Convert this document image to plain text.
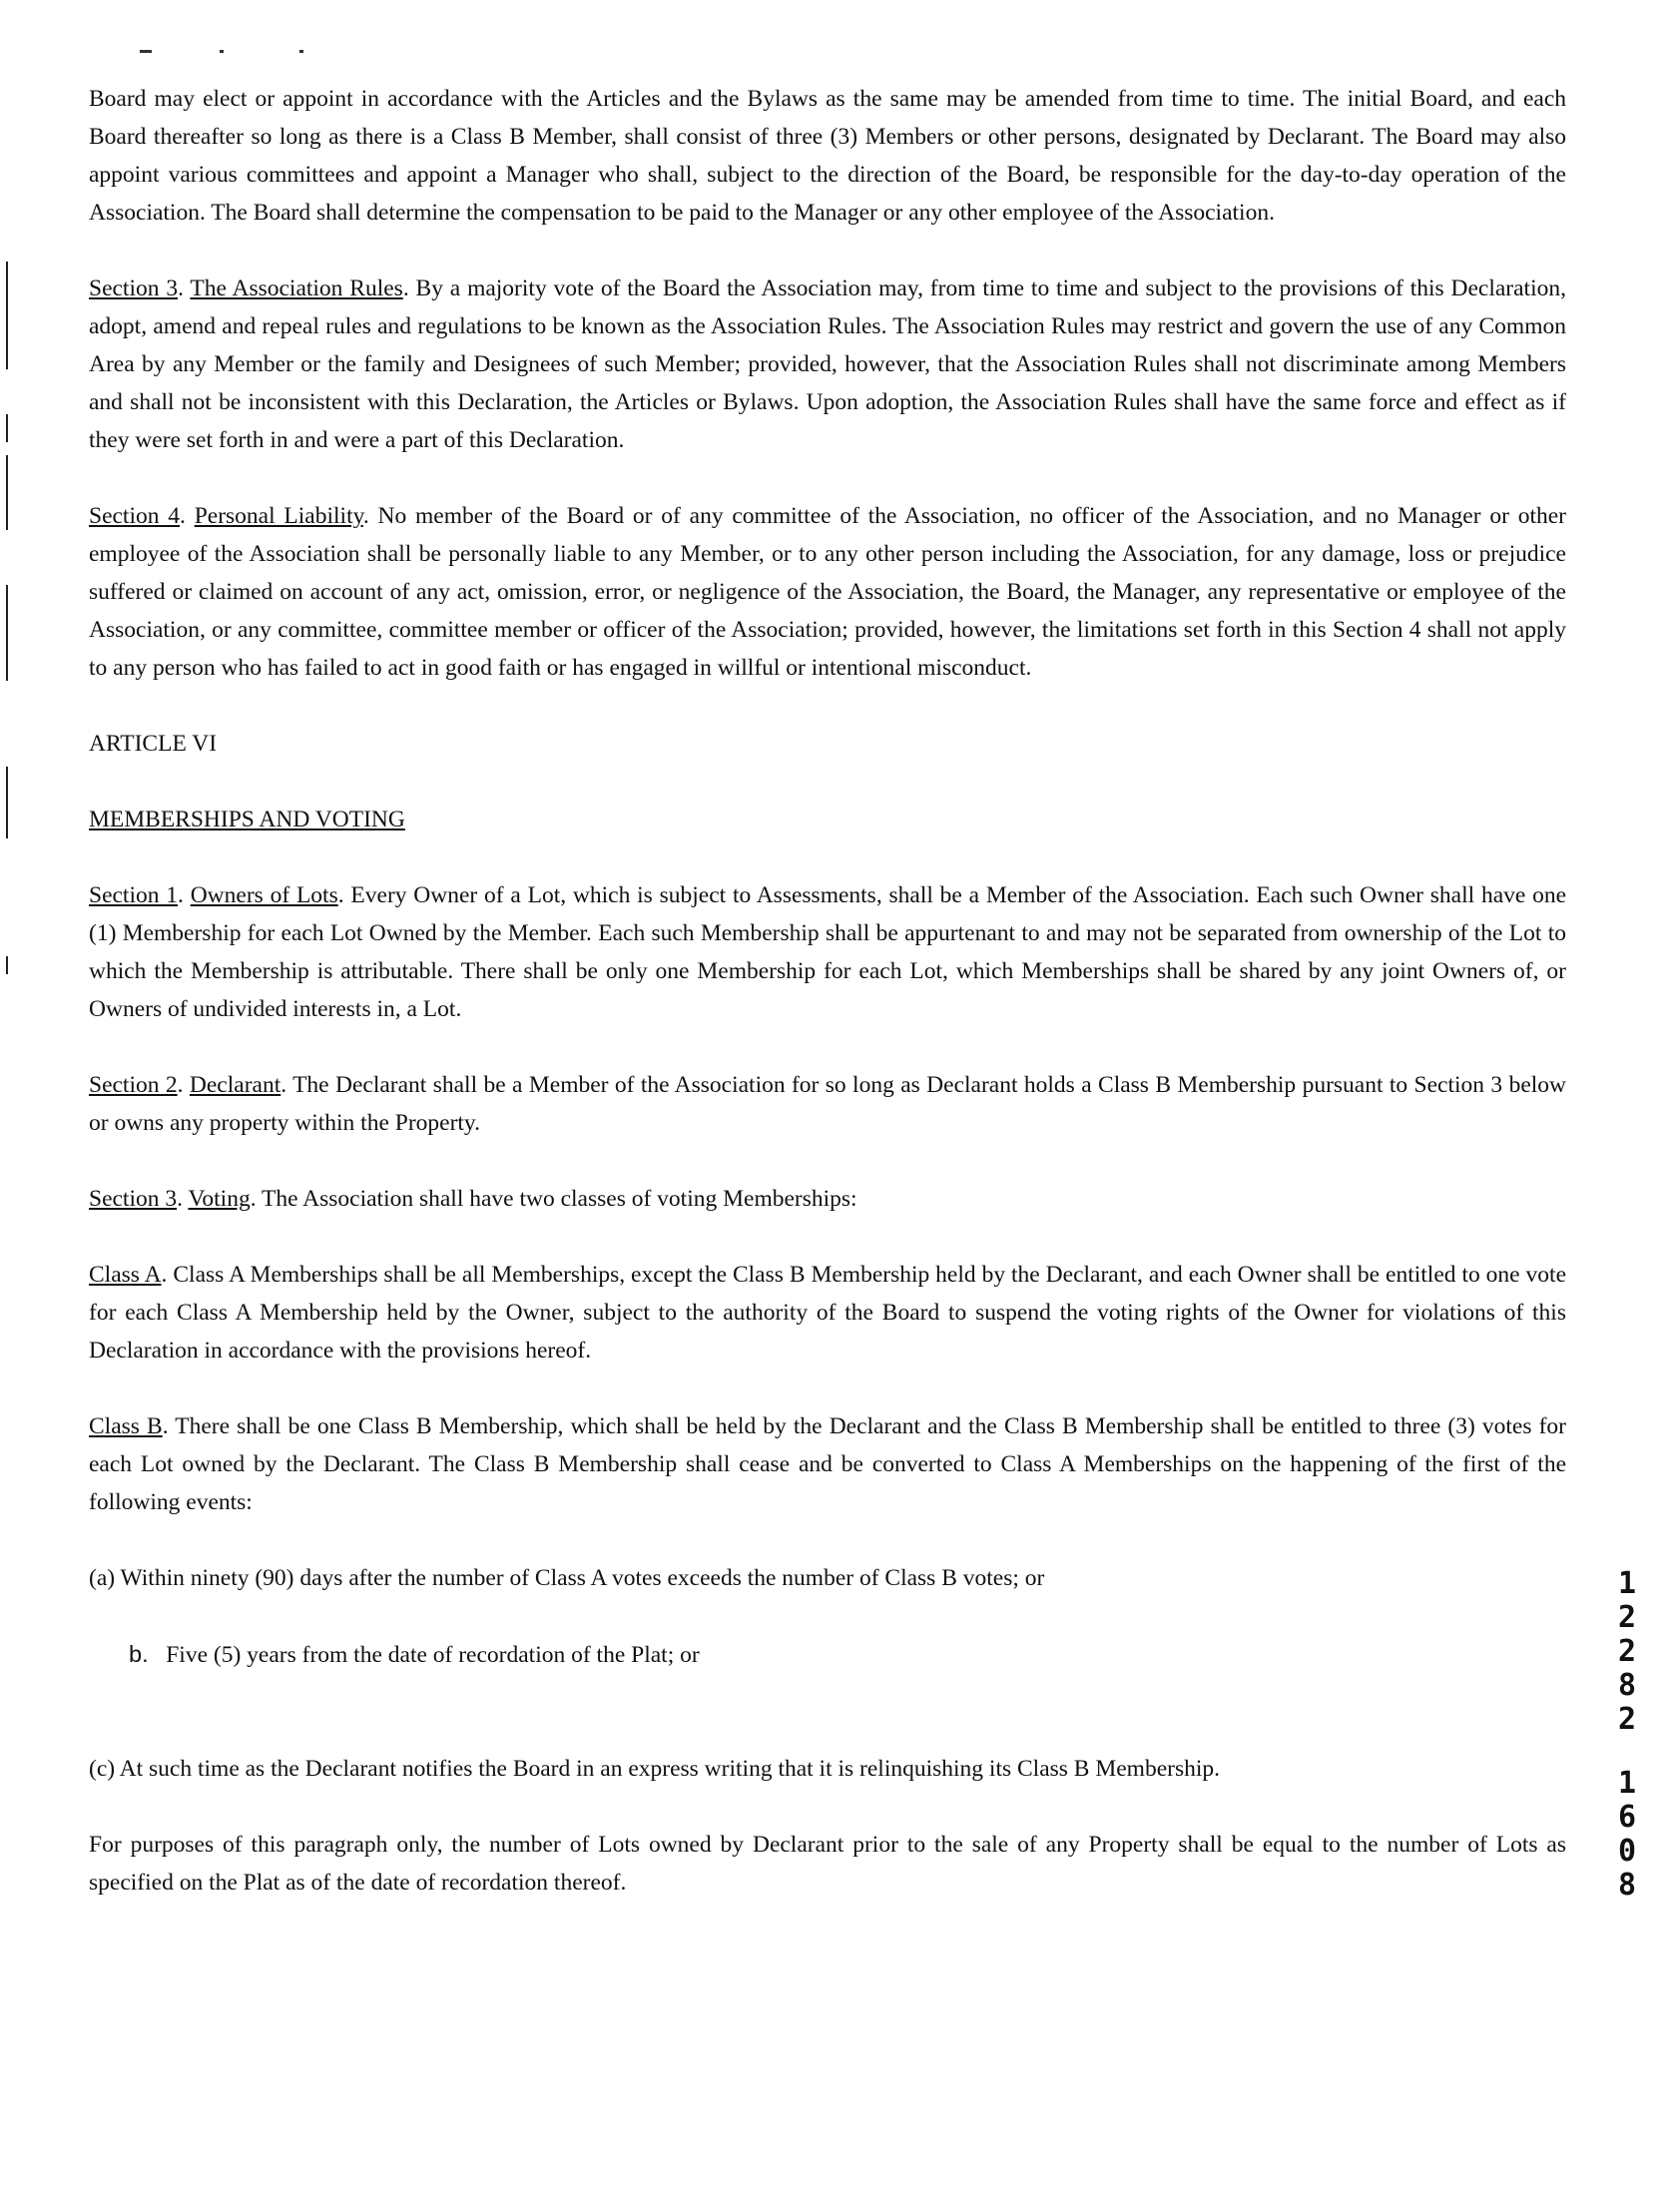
Board may elect or appoint in accordance with the Articles and the Bylaws as the same may be amended from time to time. The initial Board, and each Board thereafter so long as there is a Class B Member, shall consist of three (3) Members or other persons, designated by Declarant. The Board may also appoint various committees and appoint a Manager who shall, subject to the direction of the Board, be responsible for the day-to-day operation of the Association. The Board shall determine the compensation to be paid to the Manager or any other employee of the Association.

Section 3. The Association Rules. By a majority vote of the Board the Association may, from time to time and subject to the provisions of this Declaration, adopt, amend and repeal rules and regulations to be known as the Association Rules. The Association Rules may restrict and govern the use of any Common Area by any Member or the family and Designees of such Member; provided, however, that the Association Rules shall not discriminate among Members and shall not be inconsistent with this Declaration, the Articles or Bylaws. Upon adoption, the Association Rules shall have the same force and effect as if they were set forth in and were a part of this Declaration.

Section 4. Personal Liability. No member of the Board or of any committee of the Association, no officer of the Association, and no Manager or other employee of the Association shall be personally liable to any Member, or to any other person including the Association, for any damage, loss or prejudice suffered or claimed on account of any act, omission, error, or negligence of the Association, the Board, the Manager, any representative or employee of the Association, or any committee, committee member or officer of the Association; provided, however, the limitations set forth in this Section 4 shall not apply to any person who has failed to act in good faith or has engaged in willful or intentional misconduct.

ARTICLE VI

MEMBERSHIPS AND VOTING

Section 1. Owners of Lots. Every Owner of a Lot, which is subject to Assessments, shall be a Member of the Association. Each such Owner shall have one (1) Membership for each Lot Owned by the Member. Each such Membership shall be appurtenant to and may not be separated from ownership of the Lot to which the Membership is attributable. There shall be only one Membership for each Lot, which Memberships shall be shared by any joint Owners of, or Owners of undivided interests in, a Lot.

Section 2. Declarant. The Declarant shall be a Member of the Association for so long as Declarant holds a Class B Membership pursuant to Section 3 below or owns any property within the Property.

Section 3. Voting. The Association shall have two classes of voting Memberships:

Class A. Class A Memberships shall be all Memberships, except the Class B Membership held by the Declarant, and each Owner shall be entitled to one vote for each Class A Membership held by the Owner, subject to the authority of the Board to suspend the voting rights of the Owner for violations of this Declaration in accordance with the provisions hereof.

Class B. There shall be one Class B Membership, which shall be held by the Declarant and the Class B Membership shall be entitled to three (3) votes for each Lot owned by the Declarant. The Class B Membership shall cease and be converted to Class A Memberships on the happening of the first of the following events:

(a) Within ninety (90) days after the number of Class A votes exceeds the number of Class B votes; or

b. Five (5) years from the date of recordation of the Plat; or

(c) At such time as the Declarant notifies the Board in an express writing that it is relinquishing its Class B Membership.

For purposes of this paragraph only, the number of Lots owned by Declarant prior to the sale of any Property shall be equal to the number of Lots as specified on the Plat as of the date of recordation thereof.

1
2
2
8
2
1
6
0
8
